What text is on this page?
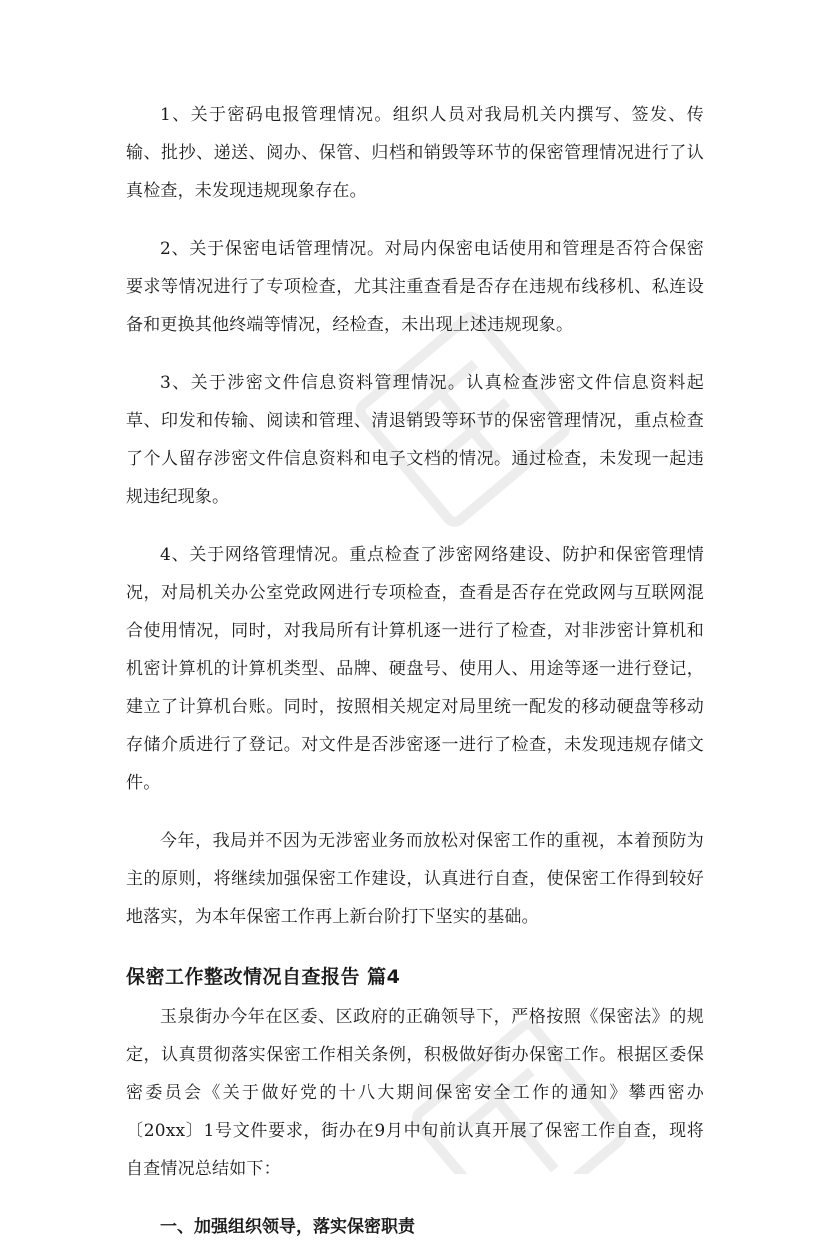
1、关于密码电报管理情况。组织人员对我局机关内撰写、签发、传输、批抄、递送、阅办、保管、归档和销毁等环节的保密管理情况进行了认真检查，未发现违规现象存在。

2、关于保密电话管理情况。对局内保密电话使用和管理是否符合保密要求等情况进行了专项检查，尤其注重查看是否存在违规布线移机、私连设备和更换其他终端等情况，经检查，未出现上述违规现象。

3、关于涉密文件信息资料管理情况。认真检查涉密文件信息资料起草、印发和传输、阅读和管理、清退销毁等环节的保密管理情况，重点检查了个人留存涉密文件信息资料和电子文档的情况。通过检查，未发现一起违规违纪现象。

4、关于网络管理情况。重点检查了涉密网络建设、防护和保密管理情况，对局机关办公室党政网进行专项检查，查看是否存在党政网与互联网混合使用情况，同时，对我局所有计算机逐一进行了检查，对非涉密计算机和机密计算机的计算机类型、品牌、硬盘号、使用人、用途等逐一进行登记，建立了计算机台账。同时，按照相关规定对局里统一配发的移动硬盘等移动存储介质进行了登记。对文件是否涉密逐一进行了检查，未发现违规存储文件。

今年，我局并不因为无涉密业务而放松对保密工作的重视，本着预防为主的原则，将继续加强保密工作建设，认真进行自查，使保密工作得到较好地落实，为本年保密工作再上新台阶打下坚实的基础。

保密工作整改情况自查报告 篇4

玉泉街办今年在区委、区政府的正确领导下，严格按照《保密法》的规定，认真贯彻落实保密工作相关条例，积极做好街办保密工作。根据区委保密委员会《关于做好党的十八大期间保密安全工作的通知》攀西密办〔20xx〕1号文件要求，街办在9月中旬前认真开展了保密工作自查，现将自查情况总结如下：

一、加强组织领导，落实保密职责
